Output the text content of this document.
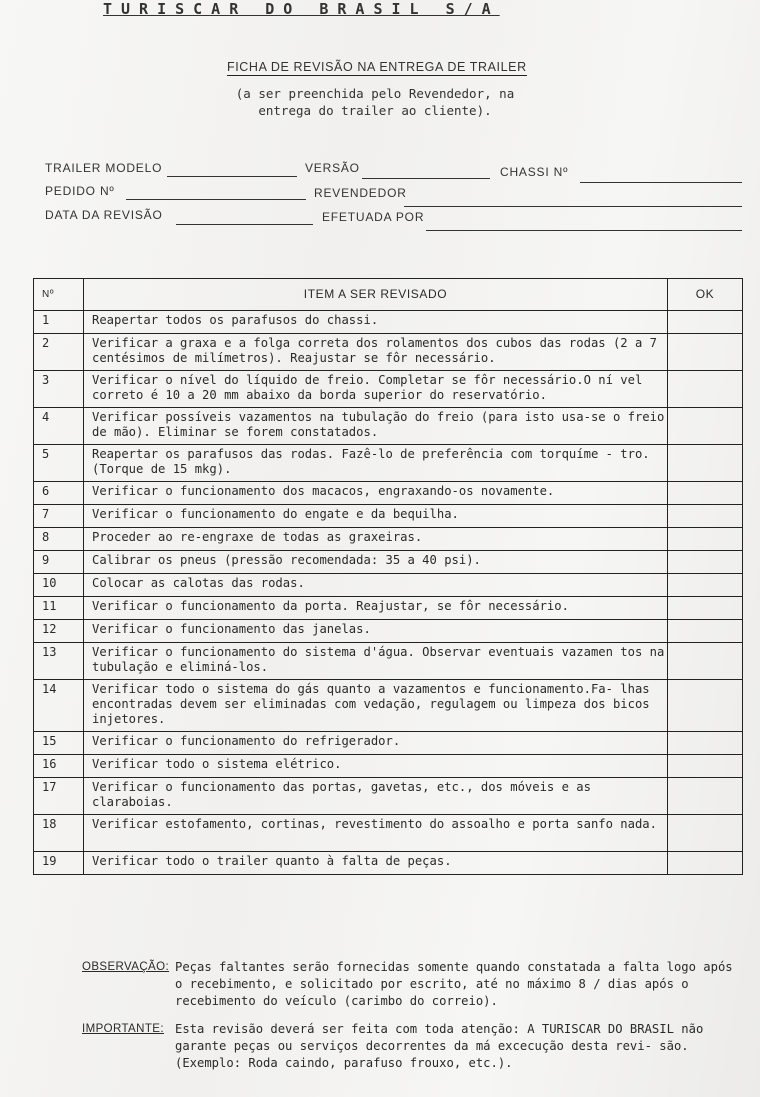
TURISCAR DO BRASIL S/A
FICHA DE REVISÃO NA ENTREGA DE TRAILER
(a ser preenchida pelo Revendedor, na
entrega do trailer ao cliente).
TRAILER MODELO	VERSÃO	CHASSI Nº
PEDIDO Nº	REVENDEDOR
DATA DA REVISÃO	EFETUADA POR
Nº	ITEM A SER REVISADO	OK
1	Reapertar todos os parafusos do chassi.	
2	Verificar a graxa e a folga correta dos rolamentos dos cubos das rodas (2 a 7 centésimos de milímetros). Reajustar se fôr necessário.	
3	Verificar o nível do líquido de freio. Completar se fôr necessário.O ní vel correto é 10 a 20 mm abaixo da borda superior do reservatório.	
4	Verificar possíveis vazamentos na tubulação do freio (para isto usa-se o freio de mão). Eliminar se forem constatados.	
5	Reapertar os parafusos das rodas. Fazê-lo de preferência com torquíme - tro. (Torque de 15 mkg).	
6	Verificar o funcionamento dos macacos, engraxando-os novamente.	
7	Verificar o funcionamento do engate e da bequilha.	
8	Proceder ao re-engraxe de todas as graxeiras.	
9	Calibrar os pneus (pressão recomendada: 35 a 40 psi).	
10	Colocar as calotas das rodas.	
11	Verificar o funcionamento da porta. Reajustar, se fôr necessário.	
12	Verificar o funcionamento das janelas.	
13	Verificar o funcionamento do sistema d'água. Observar eventuais vazamen tos na tubulação e eliminá-los.	
14	Verificar todo o sistema do gás quanto a vazamentos e funcionamento.Fa- lhas encontradas devem ser eliminadas com vedação, regulagem ou limpeza dos bicos injetores.	
15	Verificar o funcionamento do refrigerador.	
16	Verificar todo o sistema elétrico.	
17	Verificar o funcionamento das portas, gavetas, etc., dos móveis e as claraboias.	
18	Verificar estofamento, cortinas, revestimento do assoalho e porta sanfo nada.	
19	Verificar todo o trailer quanto à falta de peças.	
OBSERVAÇÃO: Peças faltantes serão fornecidas somente quando constatada a falta logo após o recebimento, e solicitado por escrito, até no máximo 8 / dias após o recebimento do veículo (carimbo do correio).
IMPORTANTE: Esta revisão deverá ser feita com toda atenção: A TURISCAR DO BRASIL não garante peças ou serviços decorrentes da má excecução desta revi- são. (Exemplo: Roda caindo, parafuso frouxo, etc.).
